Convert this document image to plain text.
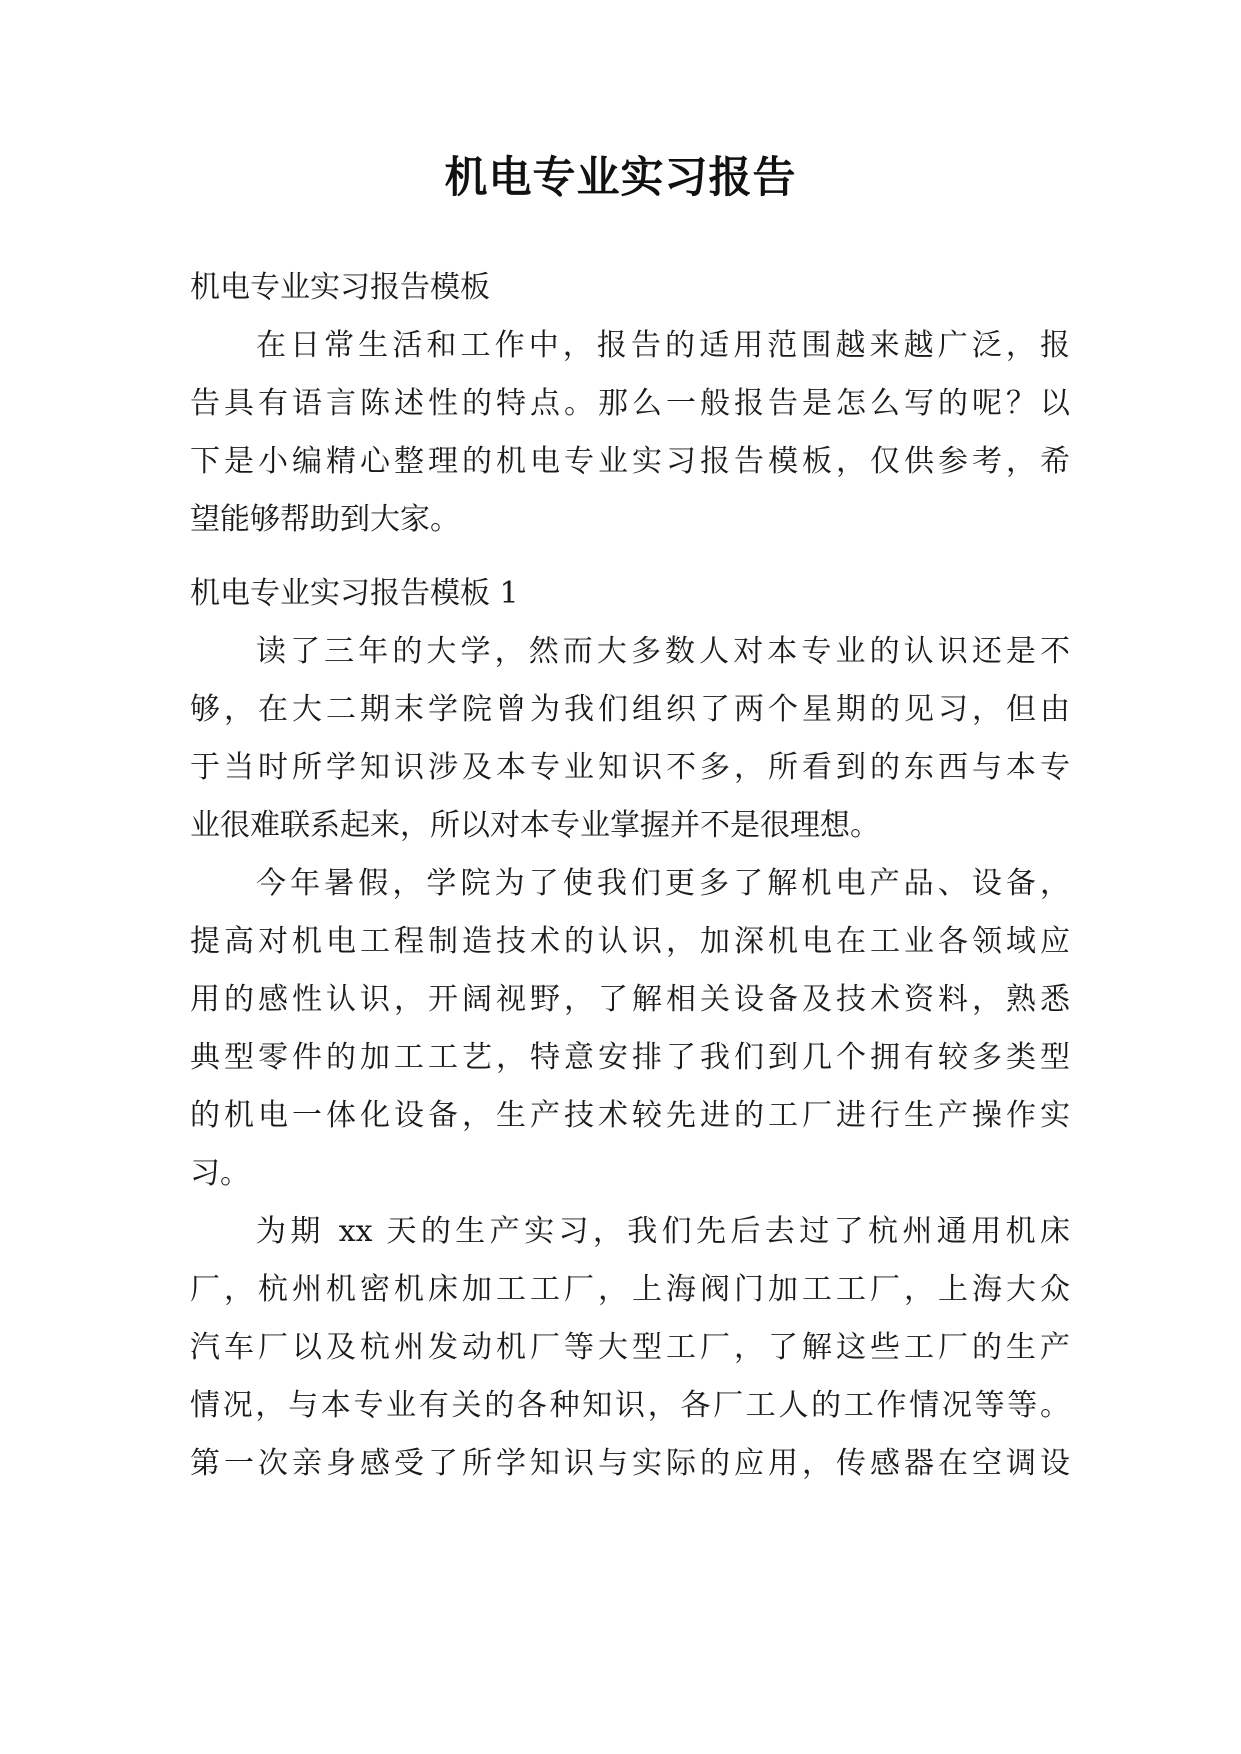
机电专业实习报告
机电专业实习报告模板
在日常生活和工作中，报告的适用范围越来越广泛，报
告具有语言陈述性的特点。那么一般报告是怎么写的呢？以
下是小编精心整理的机电专业实习报告模板，仅供参考，希
望能够帮助到大家。
机电专业实习报告模板 1
读了三年的大学，然而大多数人对本专业的认识还是不
够，在大二期末学院曾为我们组织了两个星期的见习，但由
于当时所学知识涉及本专业知识不多，所看到的东西与本专
业很难联系起来，所以对本专业掌握并不是很理想。
今年暑假，学院为了使我们更多了解机电产品、设备，
提高对机电工程制造技术的认识，加深机电在工业各领域应
用的感性认识，开阔视野，了解相关设备及技术资料，熟悉
典型零件的加工工艺，特意安排了我们到几个拥有较多类型
的机电一体化设备，生产技术较先进的工厂进行生产操作实
习。
为期 xx 天的生产实习，我们先后去过了杭州通用机床
厂，杭州机密机床加工工厂，上海阀门加工工厂，上海大众
汽车厂以及杭州发动机厂等大型工厂，了解这些工厂的生产
情况，与本专业有关的各种知识，各厂工人的工作情况等等。
第一次亲身感受了所学知识与实际的应用，传感器在空调设
